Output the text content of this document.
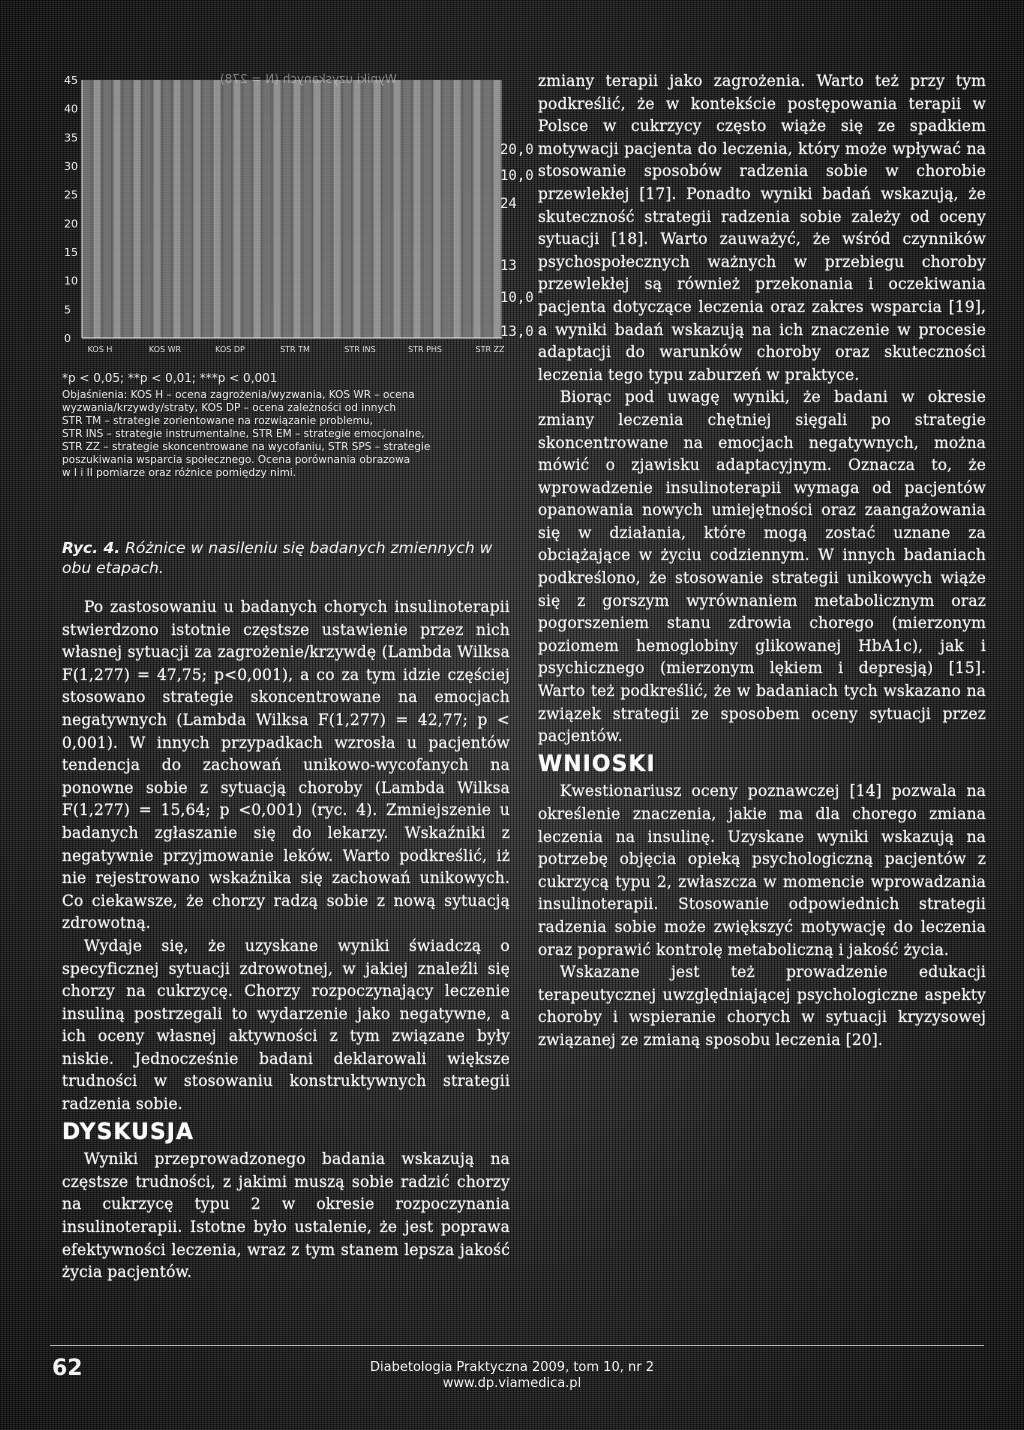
0
5
10
15
20
25
30
35
40
45
KOS H	KOS WR	KOS DP	STR TM	STR INS	STR PHS	STR ZZ
Wyniki uzyskanych (N = 278)
20,0
10,0
24
13
10,0
13,0
*p < 0,05; **p < 0,01; ***p < 0,001
Objaśnienia: KOS H – ocena zagrożenia/wyzwania, KOS WR – ocena
wyzwania/krzywdy/straty, KOS DP – ocena zależności od innych
STR TM – strategie zorientowane na rozwiązanie problemu,
STR INS – strategie instrumentalne, STR EM – strategie emocjonalne,
STR ZZ – strategie skoncentrowane na wycofaniu, STR SPS – strategie
poszukiwania wsparcia społecznego. Ocena porównania obrazowa
w I i II pomiarze oraz różnice pomiędzy nimi.
Ryc. 4. Różnice w nasileniu się badanych zmiennych w obu etapach.

Po zastosowaniu u badanych chorych insulinoterapii stwierdzono istotnie częstsze ustawienie przez nich własnej sytuacji za zagrożenie/krzywdę (Lambda Wilksa F(1,277) = 47,75; p<0,001), a co za tym idzie częściej stosowano strategie skoncentrowane na emocjach negatywnych (Lambda Wilksa F(1,277) = 42,77; p < 0,001). W innych przypadkach wzrosła u pacjentów tendencja do zachowań unikowo-wycofanych na ponowne sobie z sytuacją choroby (Lambda Wilksa F(1,277) = 15,64; p <0,001) (ryc. 4). Zmniejszenie u badanych zgłaszanie się do lekarzy. Wskaźniki z negatywnie przyjmowanie leków. Warto podkreślić, iż nie rejestrowano wskaźnika się zachowań unikowych. Co ciekawsze, że chorzy radzą sobie z nową sytuacją zdrowotną.

Wydaje się, że uzyskane wyniki świadczą o specyficznej sytuacji zdrowotnej, w jakiej znaleźli się chorzy na cukrzycę. Chorzy rozpoczynający leczenie insuliną postrzegali to wydarzenie jako negatywne, a ich oceny własnej aktywności z tym związane były niskie. Jednocześnie badani deklarowali większe trudności w stosowaniu konstruktywnych strategii radzenia sobie.

DYSKUSJA

Wyniki przeprowadzonego badania wskazują na częstsze trudności, z jakimi muszą sobie radzić chorzy na cukrzycę typu 2 w okresie rozpoczynania insulinoterapii. Istotne było ustalenie, że jest poprawa efektywności leczenia, wraz z tym stanem lepsza jakość życia pacjentów.

zmiany terapii jako zagrożenia. Warto też przy tym podkreślić, że w kontekście postępowania terapii w Polsce w cukrzycy często wiąże się ze spadkiem motywacji pacjenta do leczenia, który może wpływać na stosowanie sposobów radzenia sobie w chorobie przewlekłej [17]. Ponadto wyniki badań wskazują, że skuteczność strategii radzenia sobie zależy od oceny sytuacji [18]. Warto zauważyć, że wśród czynników psychospołecznych ważnych w przebiegu choroby przewlekłej są również przekonania i oczekiwania pacjenta dotyczące leczenia oraz zakres wsparcia [19], a wyniki badań wskazują na ich znaczenie w procesie adaptacji do warunków choroby oraz skuteczności leczenia tego typu zaburzeń w praktyce.

Biorąc pod uwagę wyniki, że badani w okresie zmiany leczenia chętniej sięgali po strategie skoncentrowane na emocjach negatywnych, można mówić o zjawisku adaptacyjnym. Oznacza to, że wprowadzenie insulinoterapii wymaga od pacjentów opanowania nowych umiejętności oraz zaangażowania się w działania, które mogą zostać uznane za obciążające w życiu codziennym. W innych badaniach podkreślono, że stosowanie strategii unikowych wiąże się z gorszym wyrównaniem metabolicznym oraz pogorszeniem stanu zdrowia chorego (mierzonym poziomem hemoglobiny glikowanej HbA1c), jak i psychicznego (mierzonym lękiem i depresją) [15]. Warto też podkreślić, że w badaniach tych wskazano na związek strategii ze sposobem oceny sytuacji przez pacjentów.

WNIOSKI

Kwestionariusz oceny poznawczej [14] pozwala na określenie znaczenia, jakie ma dla chorego zmiana leczenia na insulinę. Uzyskane wyniki wskazują na potrzebę objęcia opieką psychologiczną pacjentów z cukrzycą typu 2, zwłaszcza w momencie wprowadzania insulinoterapii. Stosowanie odpowiednich strategii radzenia sobie może zwiększyć motywację do leczenia oraz poprawić kontrolę metaboliczną i jakość życia.

Wskazane jest też prowadzenie edukacji terapeutycznej uwzględniającej psychologiczne aspekty choroby i wspieranie chorych w sytuacji kryzysowej związanej ze zmianą sposobu leczenia [20].

62	Diabetologia Praktyczna 2009, tom 10, nr 2
www.dp.viamedica.pl
